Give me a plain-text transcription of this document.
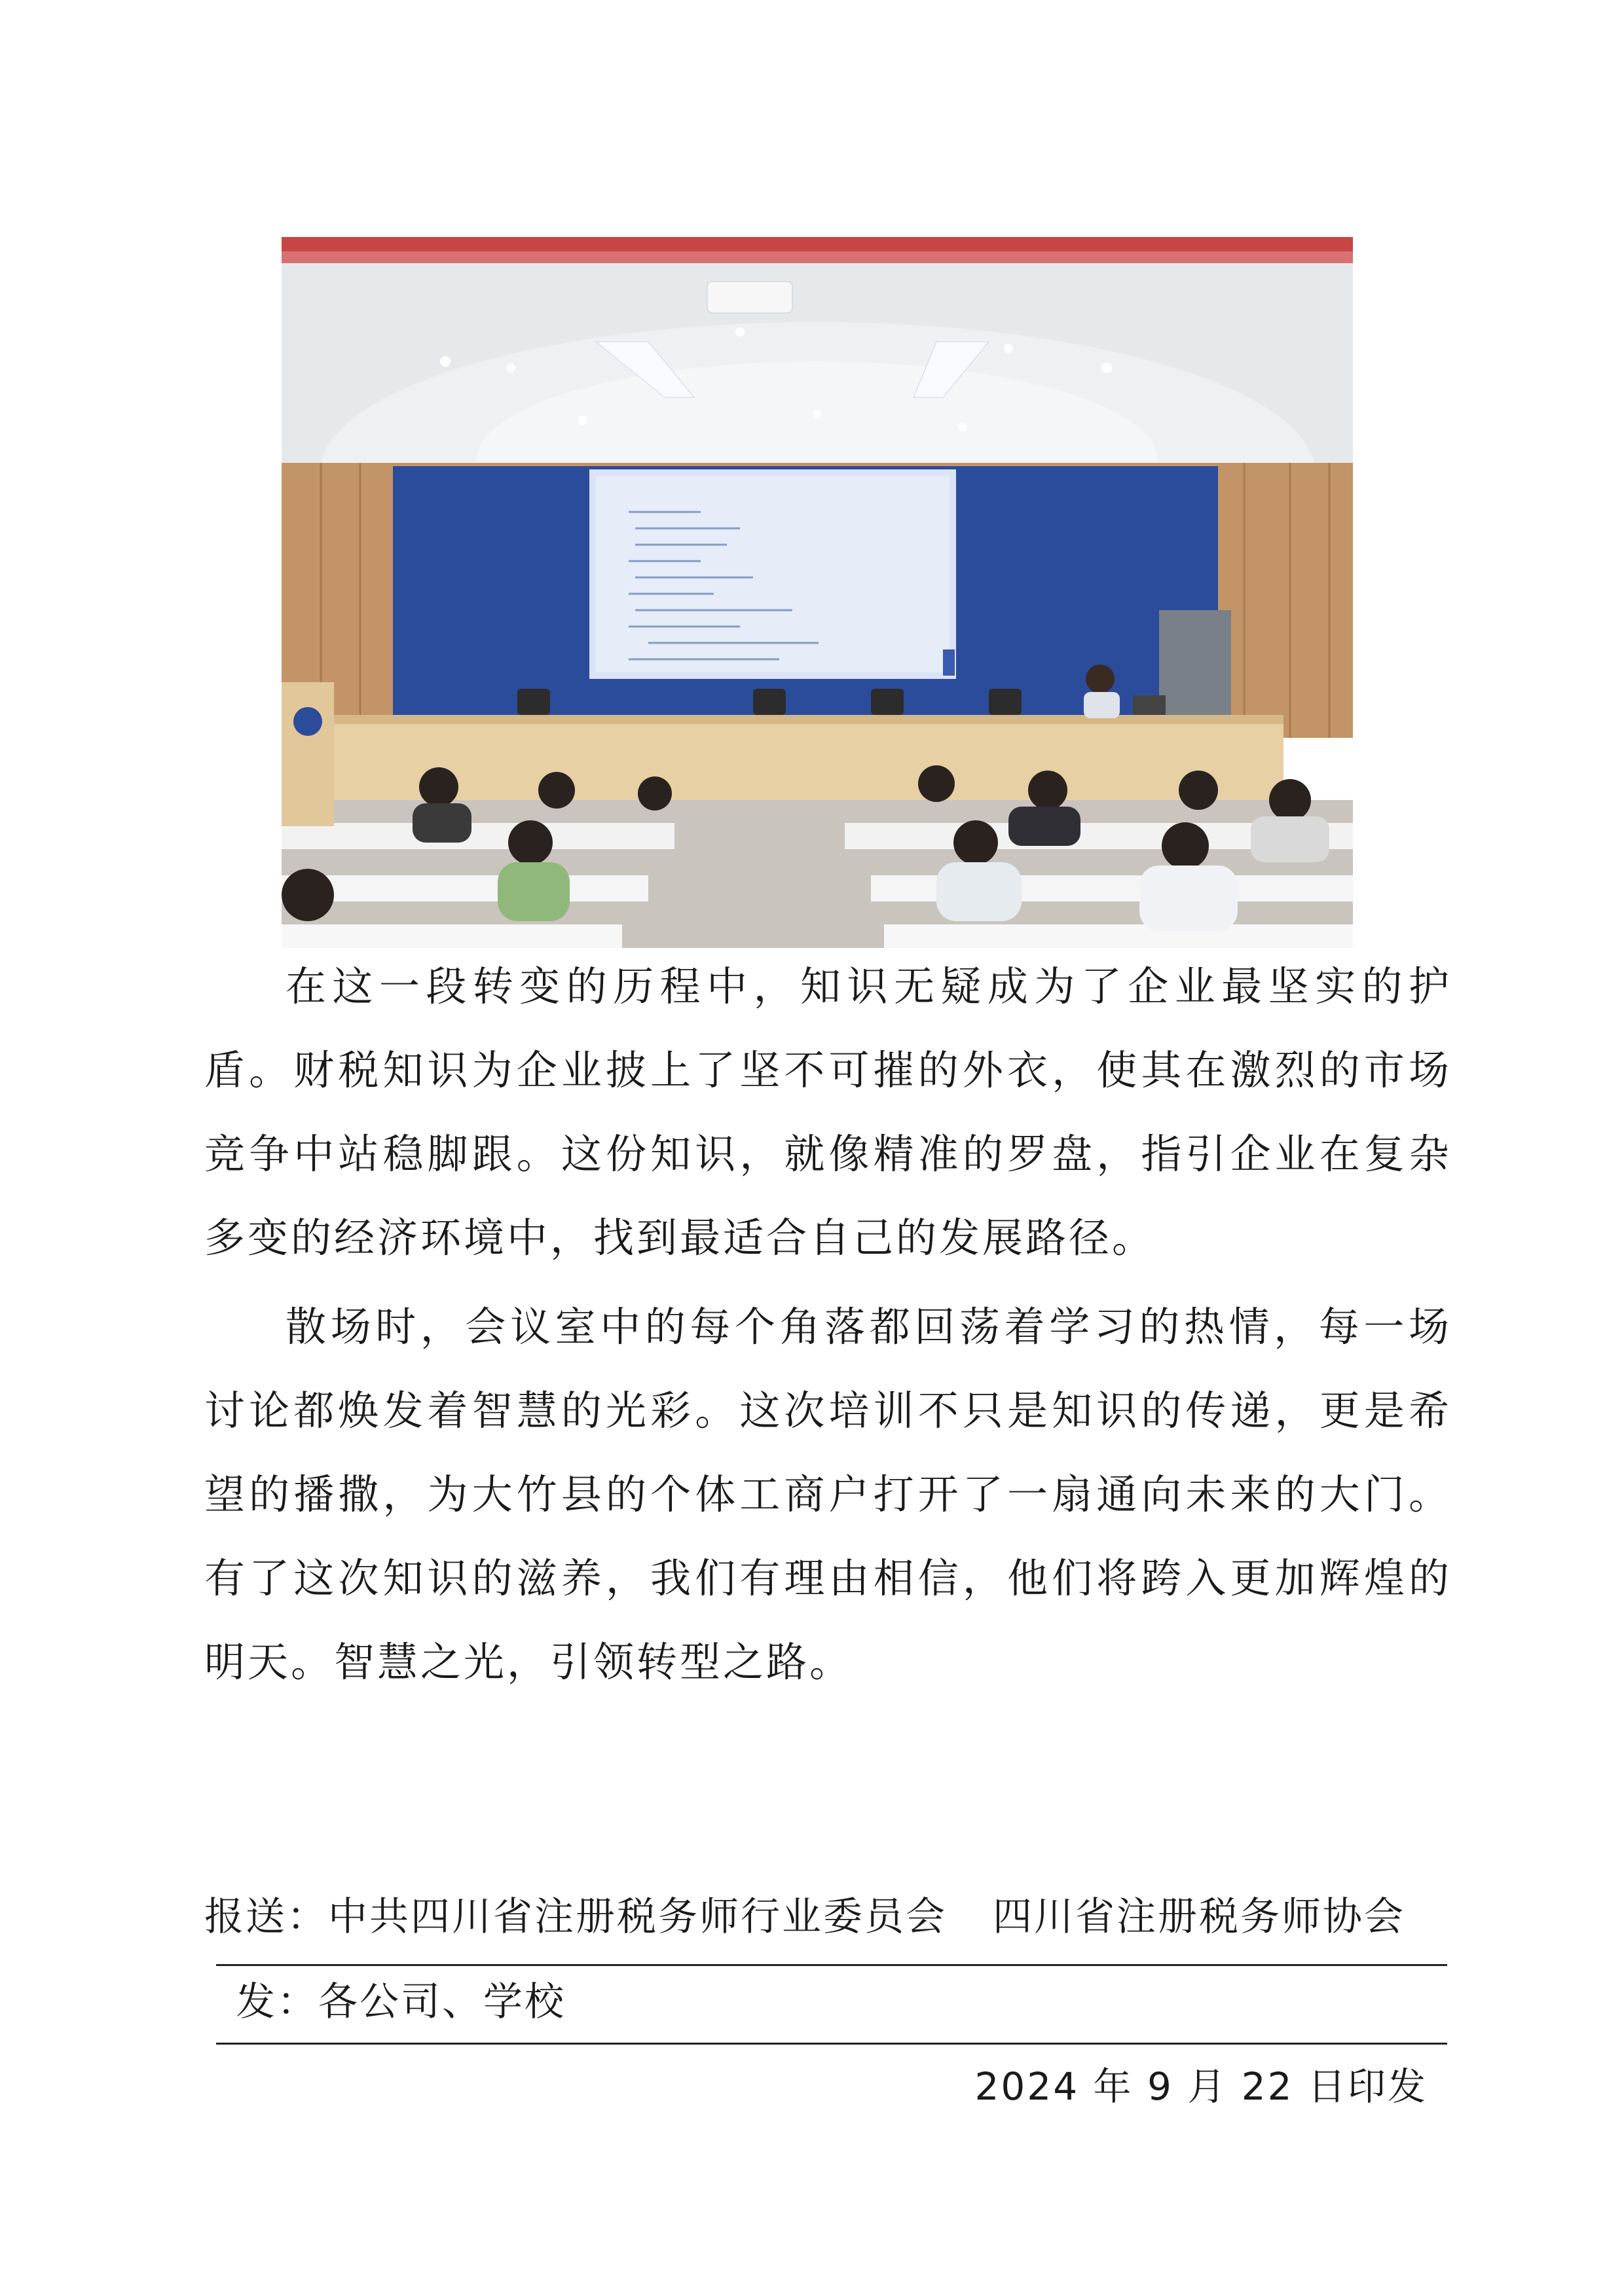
在这一段转变的历程中，知识无疑成为了企业最坚实的护盾。财税知识为企业披上了坚不可摧的外衣，使其在激烈的市场竞争中站稳脚跟。这份知识，就像精准的罗盘，指引企业在复杂多变的经济环境中，找到最适合自己的发展路径。

散场时，会议室中的每个角落都回荡着学习的热情，每一场讨论都焕发着智慧的光彩。这次培训不只是知识的传递，更是希望的播撒，为大竹县的个体工商户打开了一扇通向未来的大门。有了这次知识的滋养，我们有理由相信，他们将跨入更加辉煌的明天。智慧之光，引领转型之路。

报送：中共四川省注册税务师行业委员会 四川省注册税务师协会
发：各公司、学校
2024 年 9 月 22 日印发
